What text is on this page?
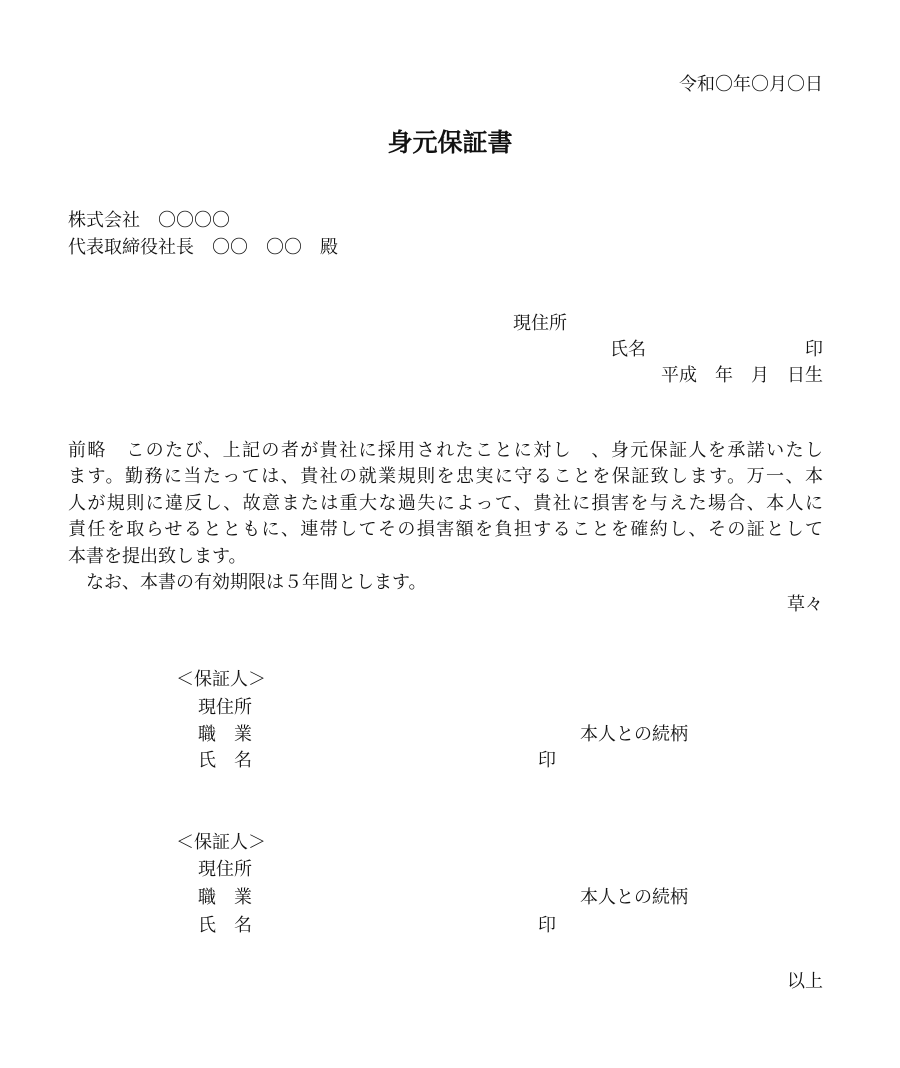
令和〇年〇月〇日
身元保証書
株式会社　〇〇〇〇
代表取締役社長　〇〇　〇〇　殿
現住所
氏名	印
平成　年　月　日生
前略　このたび、上記の者が貴社に採用されたことに対し　、身元保証人を承諾いたし
ます。勤務に当たっては、貴社の就業規則を忠実に守ることを保証致します。万一、本
人が規則に違反し、故意または重大な過失によって、貴社に損害を与えた場合、本人に
責任を取らせるとともに、連帯してその損害額を負担することを確約し、その証として
本書を提出致します。
なお、本書の有効期限は５年間とします。
草々
＜保証人＞
現住所
職　業	本人との続柄
氏　名	印
＜保証人＞
現住所
職　業	本人との続柄
氏　名	印
以上
